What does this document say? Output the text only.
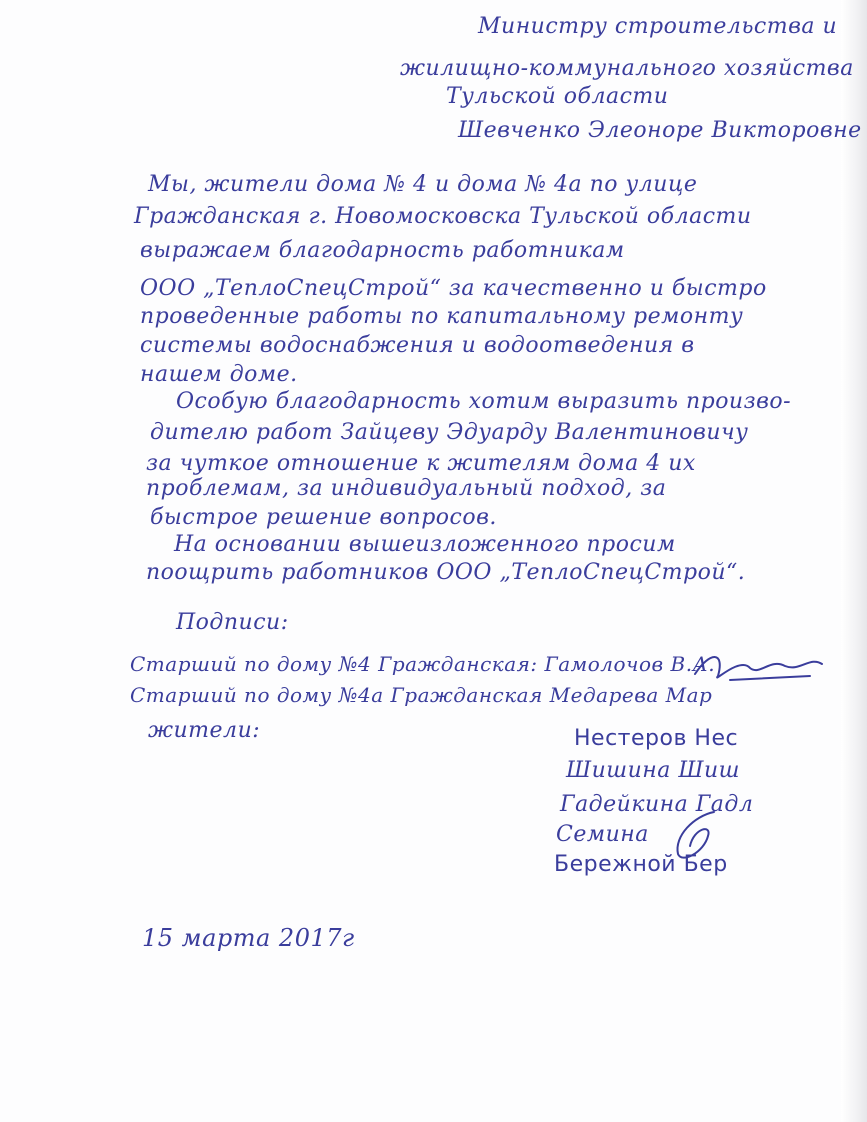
Министру строительства и
жилищно-коммунального хозяйства
Тульской области
Шевченко Элеоноре Викторовне
Мы, жители дома № 4 и дома № 4а по улице
Гражданская г. Новомосковска Тульской области
выражаем благодарность работникам
ООО „ТеплоСпецСтрой“ за качественно и быстро
проведенные работы по капитальному ремонту
системы водоснабжения и водоотведения в
нашем доме.
Особую благодарность хотим выразить произво-
дителю работ Зайцеву Эдуарду Валентиновичу
за чуткое отношение к жителям дома 4 их
проблемам, за индивидуальный подход, за
быстрое решение вопросов.
На основании вышеизложенного просим
поощрить работников ООО „ТеплоСпецСтрой“.
Подписи:
Старший по дому №4 Гражданская: Гамолочов В.А.
Старший по дому №4а Гражданская Медарева Мар
жители:	Нестеров Нес
Шишина Шиш
Гадейкина Гадл
Семина
Бережной Бер
15 марта 2017г
